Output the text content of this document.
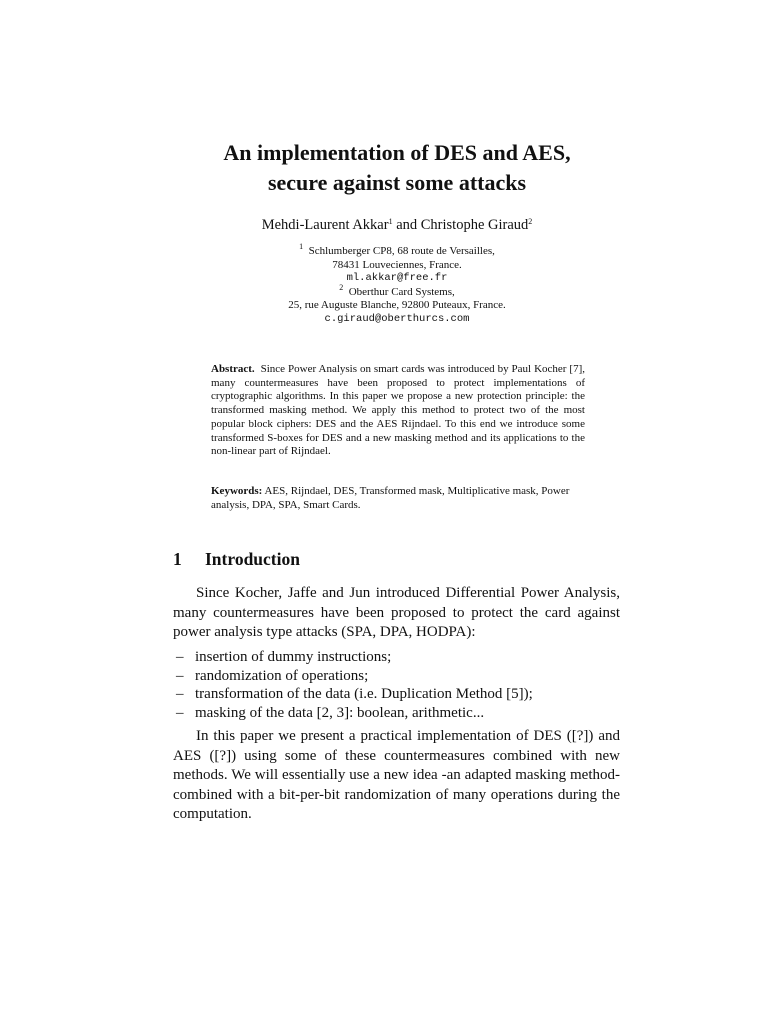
An implementation of DES and AES,
secure against some attacks
Mehdi-Laurent Akkar$^1$ and Christophe Giraud$^2$
$^1$ Schlumberger CP8, 68 route de Versailles,
78431 Louveciennes, France.
ml.akkar@free.fr
$^2$ Oberthur Card Systems,
25, rue Auguste Blanche, 92800 Puteaux, France.
c.giraud@oberthurcs.com
Abstract. Since Power Analysis on smart cards was introduced by Paul Kocher [7], many countermeasures have been proposed to protect implementations of cryptographic algorithms. In this paper we propose a new protection principle: the transformed masking method. We apply this method to protect two of the most popular block ciphers: DES and the AES Rijndael. To this end we introduce some transformed S-boxes for DES and a new masking method and its applications to the non-linear part of Rijndael.
Keywords: AES, Rijndael, DES, Transformed mask, Multiplicative mask, Power analysis, DPA, SPA, Smart Cards.
1 Introduction
Since Kocher, Jaffe and Jun introduced Differential Power Analysis, many countermeasures have been proposed to protect the card against power analysis type attacks (SPA, DPA, HODPA):
– insertion of dummy instructions;
– randomization of operations;
– transformation of the data (i.e. Duplication Method [5]);
– masking of the data [2, 3]: boolean, arithmetic...
In this paper we present a practical implementation of DES ([?]) and AES ([?]) using some of these countermeasures combined with new methods. We will essentially use a new idea -an adapted masking method- combined with a bit-per-bit randomization of many operations during the computation.
